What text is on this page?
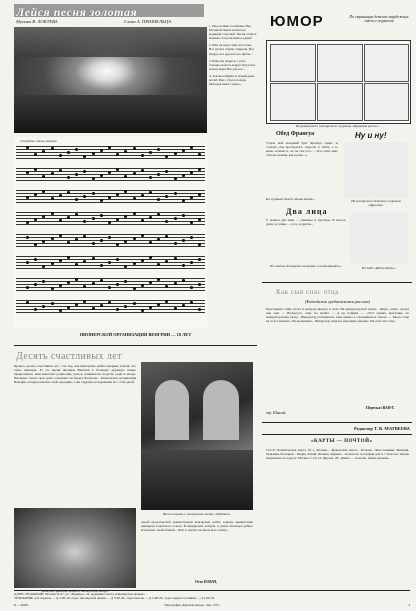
Лейся песня золотая
Музыка В. ЛОКТЕВА	Слова А. ПРИШЕЛЬЦА
1. Над полями голубыми, Над Москвой Лейся песня над родимой стороной. Песня отчая и звонкая, Золотая наша родина!
2. Нам не надо спать все ночи, Все пути в стране открыты. Все вокруг, все дороги, все цветы...
3. Шли мы жарко и с утра Сколько нового вокруг. Кругом и поля и море Все для нас...
4. Так мы пойдём, и новый день встаёт Мы с утра в походе Молодая наша страна...
Спокойно, очень ласково
ПИОНЕРСКОЙ ОРГАНИЗАЦИИ ВЕНГРИИ — 10 ЛЕТ
ЮМОР	По страницам детских зарубежных газет и журналов
Из румынского пионерского журнала «Кравата роcие».
Обед Франсуа	Ну и ну!
Утром мой младший брат Франсуа сидит за столом: «Ты проснулся?» спросил я. «Ешь, а то каша остынет!» «А ты сам-то?» — И в ответ мне: «Ты же знаешь, как я рано...»
Из журнала детей «Белая звезда».	Из венгерского детского журнала «Дружба».
Два лица
У Алекса два лица — смешное и грустное. В классе, дома, на улице — и те, и другие...
Из газеты болгарских пионеров «Септемврийче».	Из ГДР «АБЦ цейтунг»
Как сын спас отца
(Китайская средневековая рассказ)
Крестьянин тайно встал и вечером выехал в поле. На императорской земле... «Беда, отец!» сказал ему сын. — Неспроста, отец, ты пошёл. — А ну, пойдём. — «Этот мужик, крестьяне, по императорскому указу... Император разгневался. Сын вышел к стражникам и сказал: — Моего отца не за что казнить. Он не виноват... Император повелел наградить юношу. Так сын спас отца.
Пересказ ВАН-Г.
пер. Шангай.
Редактор Т. В. МАТВЕЕВА
«КАРТЫ — ПОЧТОЙ»
СССР. Политическая карта: №1, Москва... физическая карта... Польша, Чехословакия, Венгрия, Румыния, Болгария... Индия, Китай, Япония, Африка... Атласы по географии для 5–7 классов. Заказы направлять по адресу: Москва, Г-19, ул. Фрунзе, 28, «Книга — почтой». Цены указаны...
Десять счастливых лет
Прошло десять счастливых лет с тех пор, как венгерские ребята впервые узнали, что такое пионеры. За это время пионеры Венгрии в большую дружную семью превратились. Они помогают родителям, учатся, занимаются спортом, ездят в лагеря. Пионеры строят свои дома, отдыхают на берегу Балатона... Пионерская организация Венгрии сегодня отмечает свой праздник, а мы сердечно поздравляем её с этой датой.
Весело играть в пионерском лагере «Пайташ».
одной пролетарской демонстрации венгерских ребят, горячее приветствие пионерам Советского Союза. В пионерских лагерях, в домах пионеров ребята встречают свой юбилей... Поёт и звучит песня на всю страну...
Отто КОВАЧ,
Детский праздник ребят в пионерском лагере.
АДРЕС РЕДАКЦИИ: Москва, Б-67, ул. «Правды», 24, редакция газеты «Пионерская правда».
ТЕЛЕФОНЫ: для справок — Д 3-00-10, отдел пионерской жизни — Д 3-00-40, отдел школы — Д 3-00-29, отдел науки и техники — Д 3-00-33.
Б — 00201	Типография «Красная звезда». Зак. 1372.	4
